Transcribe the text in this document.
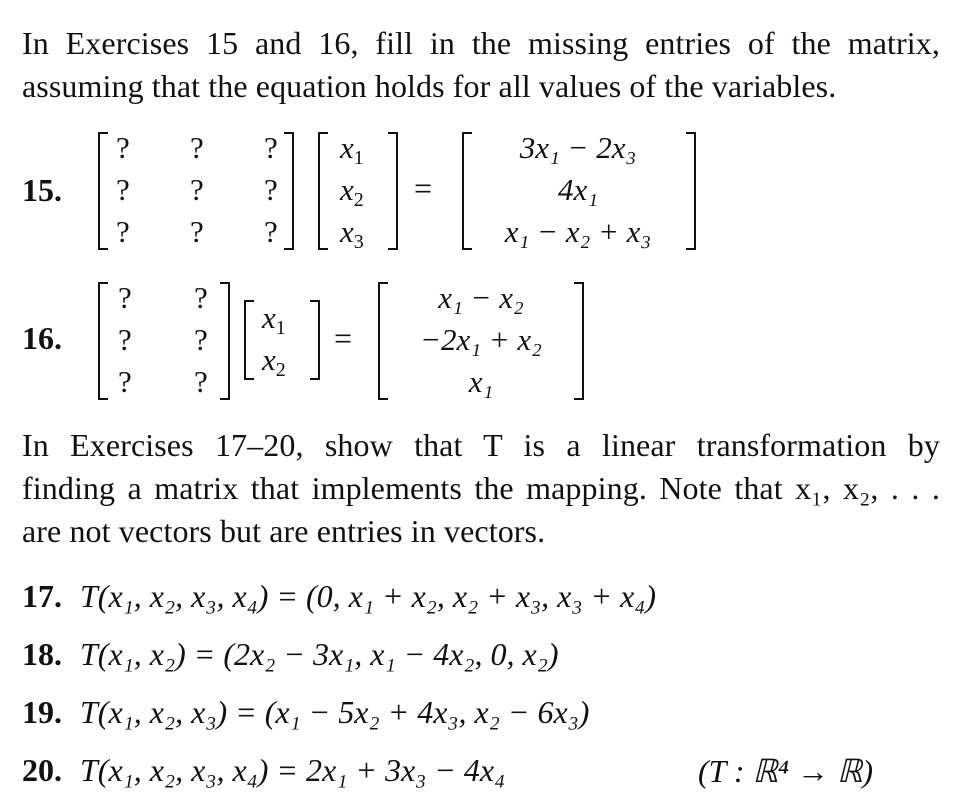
In Exercises 15 and 16, fill in the missing entries of the matrix,
assuming that the equation holds for all values of the variables.
15.
? ? ?
? ? ?
? ? ?
$x_1$
$x_2$
$x_3$
=
3x₁ − 2x₃
4x₁
x₁ − x₂ + x₃
16.
? ?
? ?
? ?
$x_1$
$x_2$
=
x₁ − x₂
−2x₁ + x₂
x₁
In Exercises 17–20, show that T is a linear transformation by
finding a matrix that implements the mapping. Note that x₁, x₂, . . .
are not vectors but are entries in vectors.
17. T(x₁, x₂, x₃, x₄) = (0, x₁ + x₂, x₂ + x₃, x₃ + x₄)
18. T(x₁, x₂) = (2x₂ − 3x₁, x₁ − 4x₂, 0, x₂)
19. T(x₁, x₂, x₃) = (x₁ − 5x₂ + 4x₃, x₂ − 6x₃)
20. T(x₁, x₂, x₃, x₄) = 2x₁ + 3x₃ − 4x₄	(T : ℝ⁴ → ℝ)
